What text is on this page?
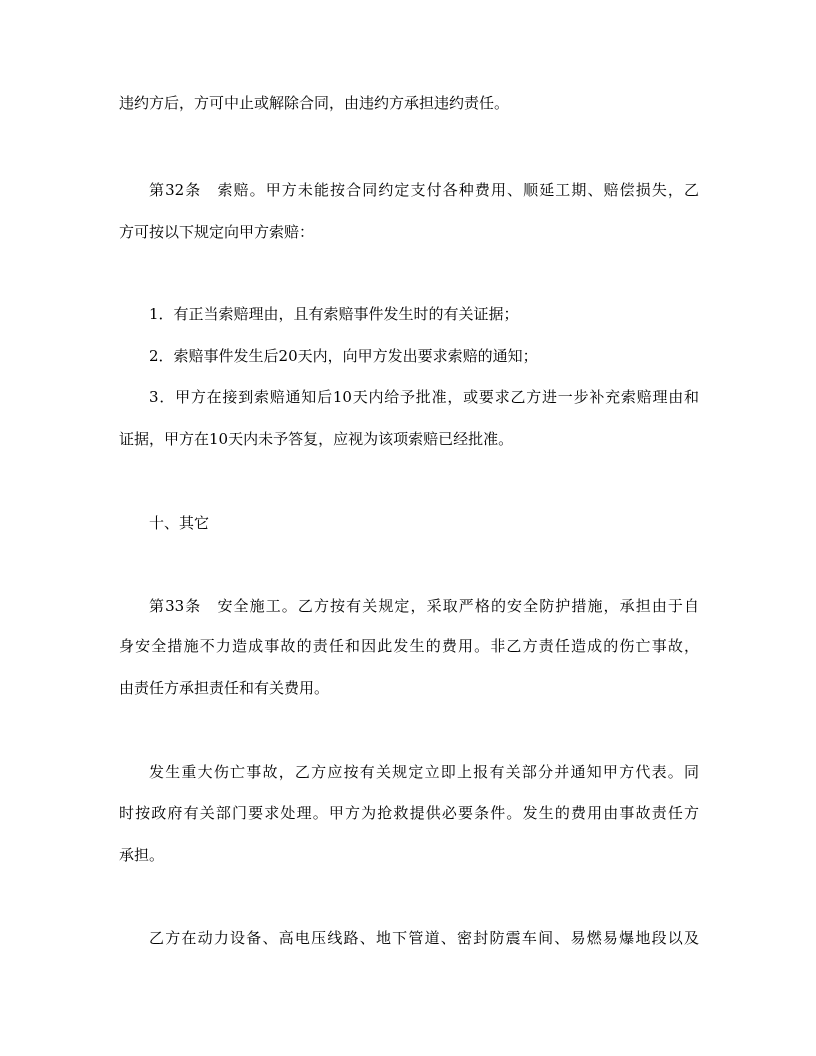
违约方后，方可中止或解除合同，由违约方承担违约责任。
第32条　索赔。甲方未能按合同约定支付各种费用、顺延工期、赔偿损失，乙
方可按以下规定向甲方索赔：
1．有正当索赔理由，且有索赔事件发生时的有关证据；
2．索赔事件发生后20天内，向甲方发出要求索赔的通知；
3．甲方在接到索赔通知后10天内给予批准，或要求乙方进一步补充索赔理由和
证据，甲方在10天内未予答复，应视为该项索赔已经批准。
十、其它
第33条　安全施工。乙方按有关规定，采取严格的安全防护措施，承担由于自
身安全措施不力造成事故的责任和因此发生的费用。非乙方责任造成的伤亡事故，
由责任方承担责任和有关费用。
发生重大伤亡事故，乙方应按有关规定立即上报有关部分并通知甲方代表。同
时按政府有关部门要求处理。甲方为抢救提供必要条件。发生的费用由事故责任方
承担。
乙方在动力设备、高电压线路、地下管道、密封防震车间、易燃易爆地段以及
